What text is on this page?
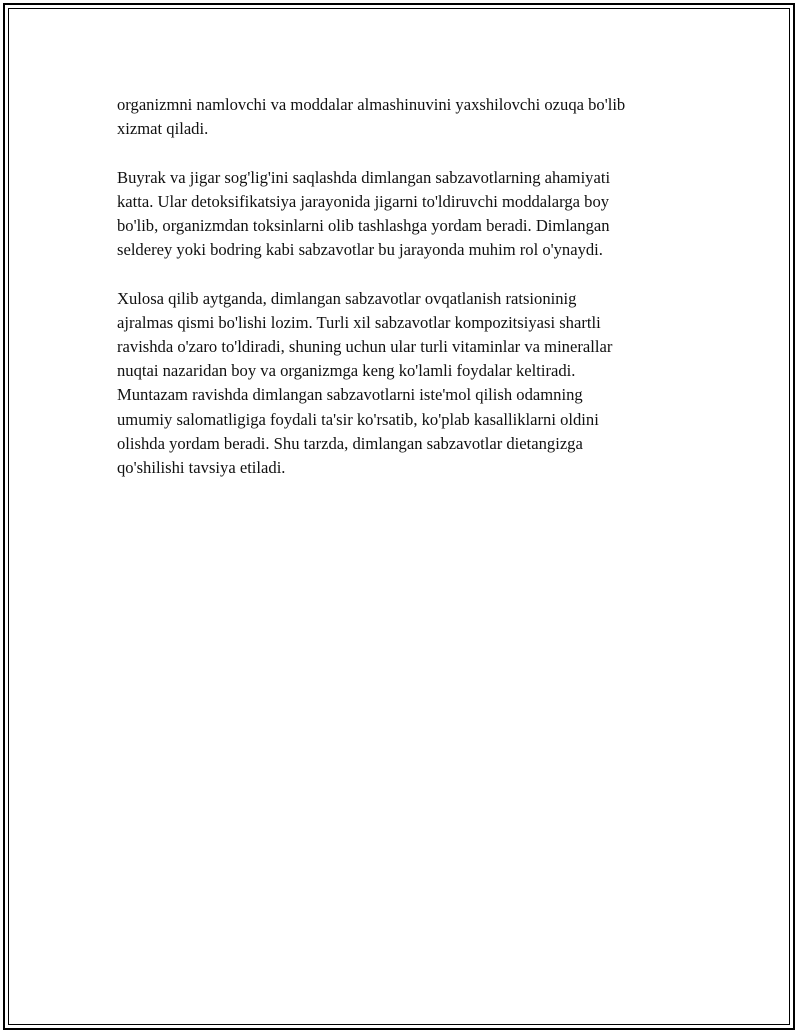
organizmni namlovchi va moddalar almashinuvini yaxshilovchi ozuqa bo'lib
xizmat qiladi.

Buyrak va jigar sog'lig'ini saqlashda dimlangan sabzavotlarning ahamiyati
katta. Ular detoksifikatsiya jarayonida jigarni to'ldiruvchi moddalarga boy
bo'lib, organizmdan toksinlarni olib tashlashga yordam beradi. Dimlangan
selderey yoki bodring kabi sabzavotlar bu jarayonda muhim rol o'ynaydi.

Xulosa qilib aytganda, dimlangan sabzavotlar ovqatlanish ratsioninig
ajralmas qismi bo'lishi lozim. Turli xil sabzavotlar kompozitsiyasi shartli
ravishda o'zaro to'ldiradi, shuning uchun ular turli vitaminlar va minerallar
nuqtai nazaridan boy va organizmga keng ko'lamli foydalar keltiradi.
Muntazam ravishda dimlangan sabzavotlarni iste'mol qilish odamning
umumiy salomatligiga foydali ta'sir ko'rsatib, ko'plab kasalliklarni oldini
olishda yordam beradi. Shu tarzda, dimlangan sabzavotlar dietangizga
qo'shilishi tavsiya etiladi.
